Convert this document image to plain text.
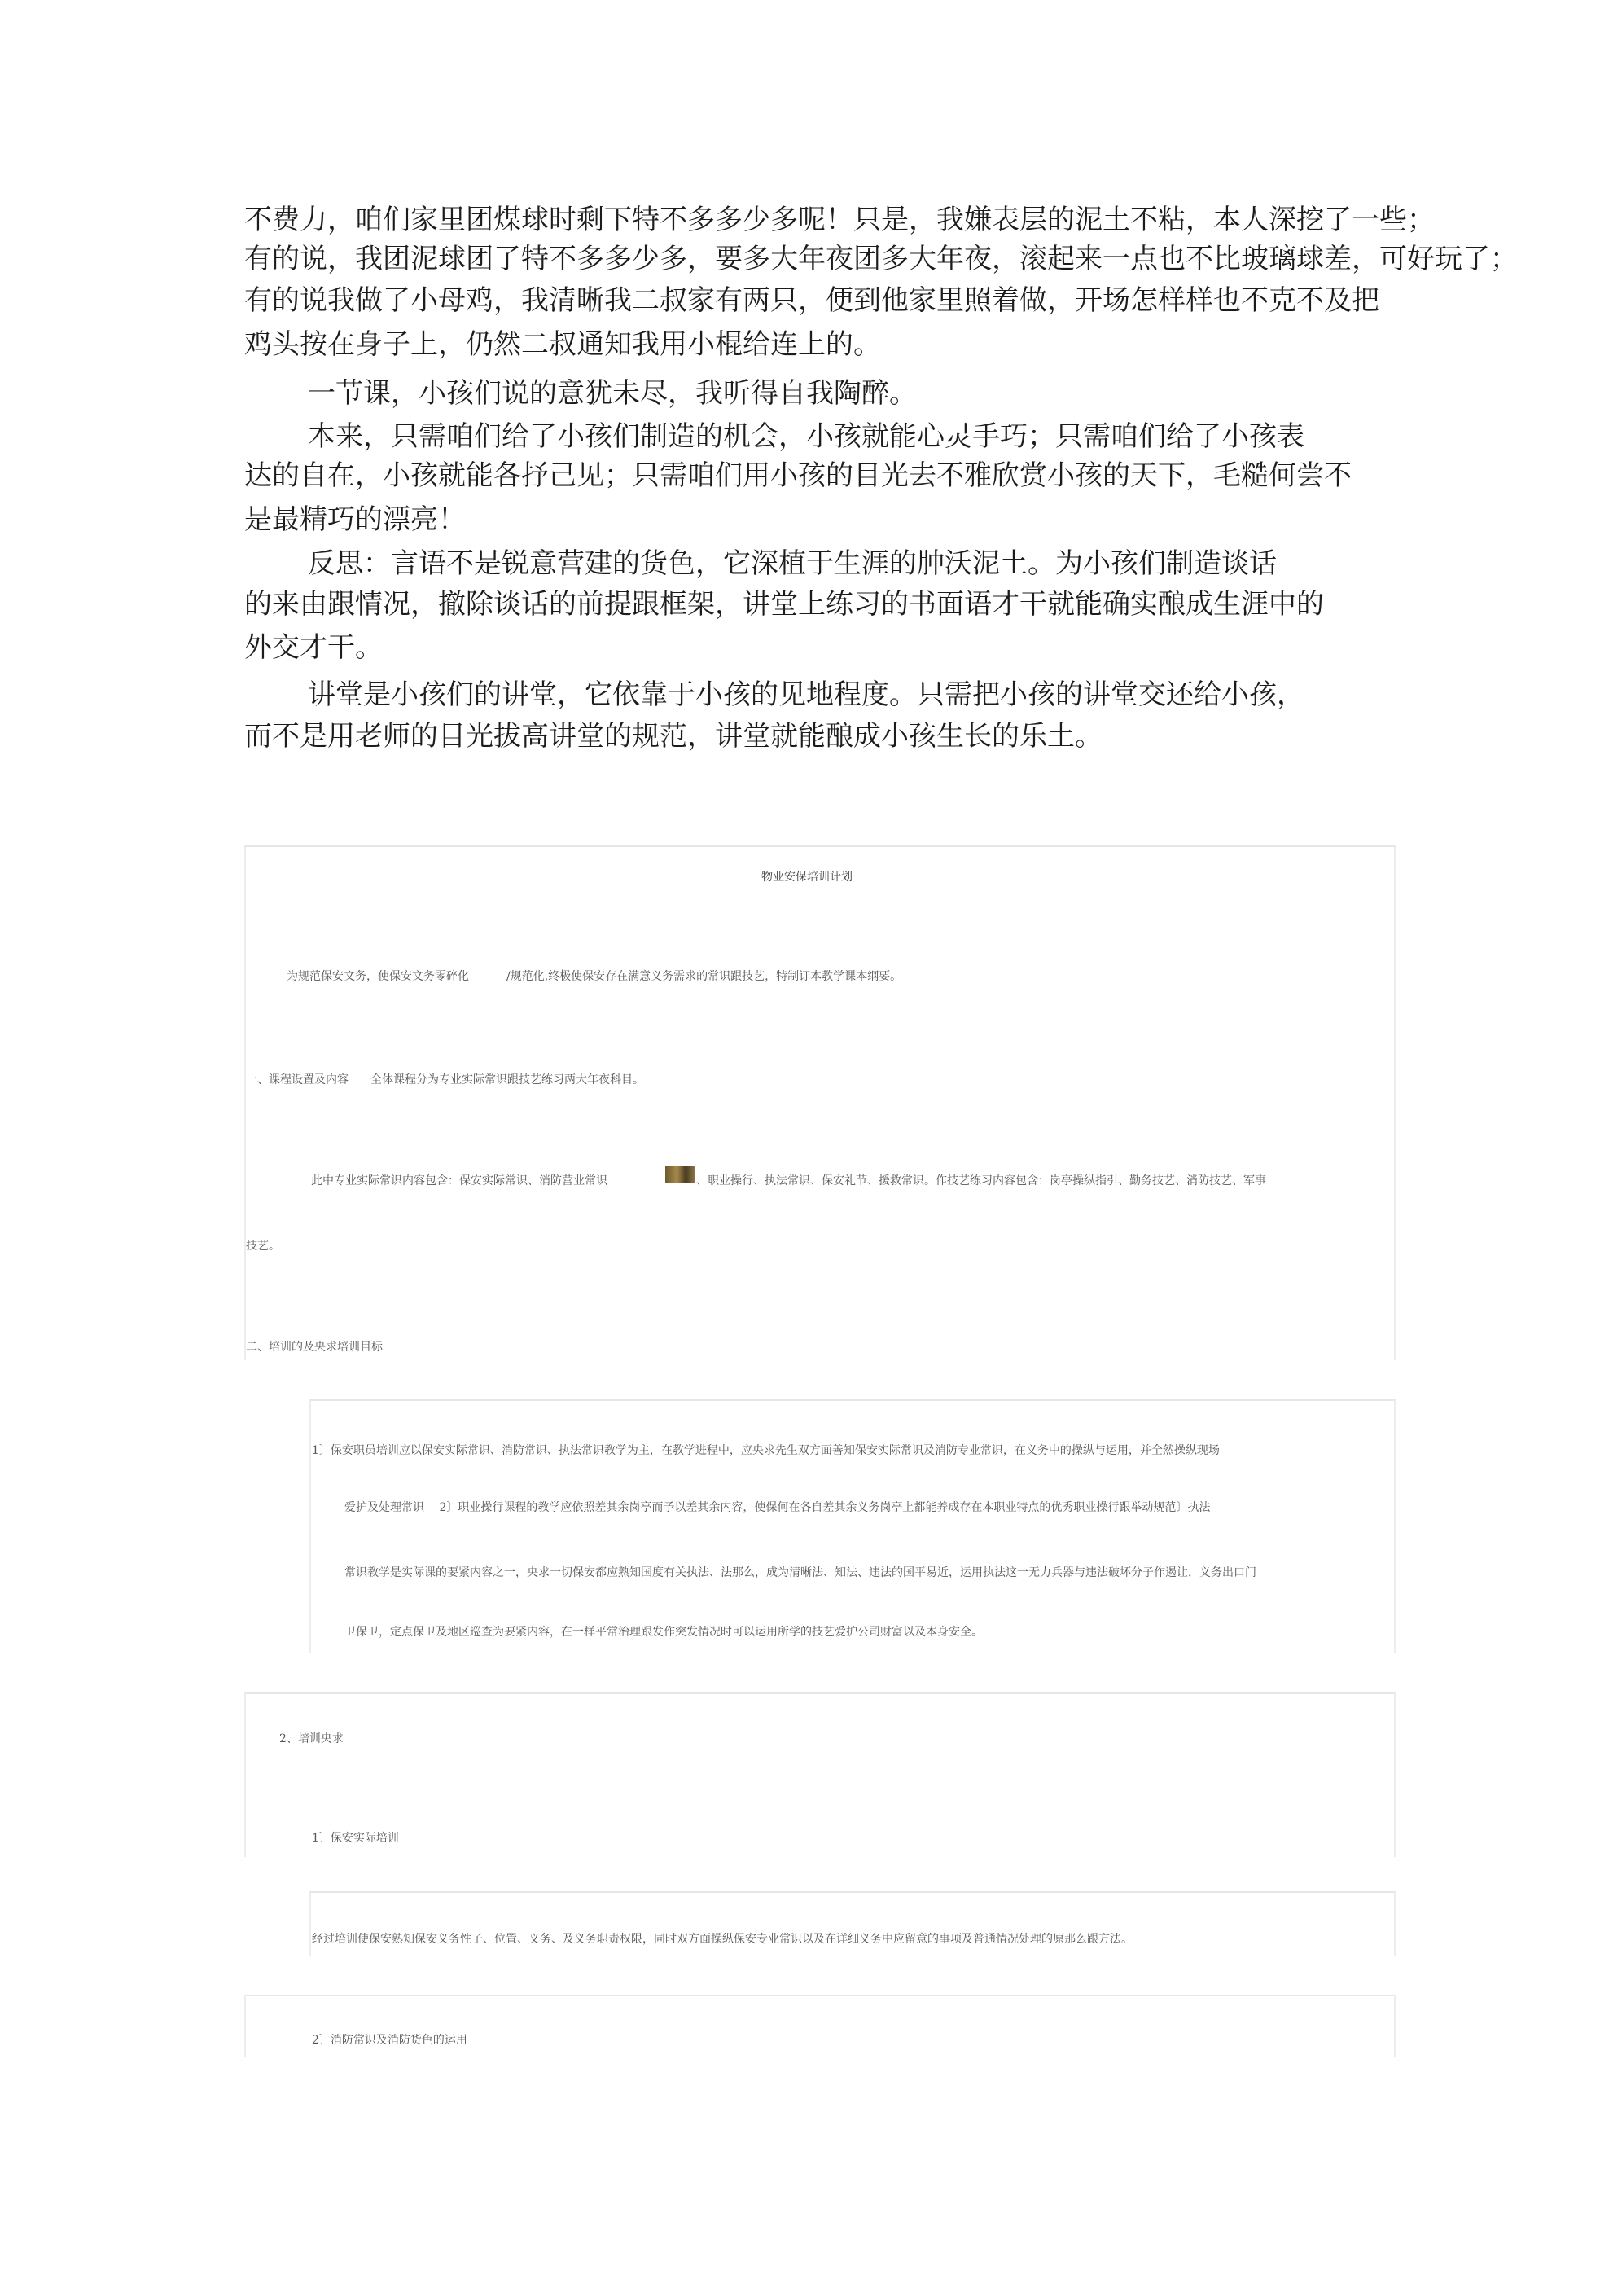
不费力，咱们家里团煤球时剩下特不多多少多呢！只是，我嫌表层的泥土不粘，本人深挖了一些；
有的说，我团泥球团了特不多多少多，要多大年夜团多大年夜，滚起来一点也不比玻璃球差，可好玩了；
有的说我做了小母鸡，我清晰我二叔家有两只，便到他家里照着做，开场怎样样也不克不及把
鸡头按在身子上，仍然二叔通知我用小棍给连上的。
一节课，小孩们说的意犹未尽，我听得自我陶醉。
本来，只需咱们给了小孩们制造的机会，小孩就能心灵手巧；只需咱们给了小孩表
达的自在，小孩就能各抒己见；只需咱们用小孩的目光去不雅欣赏小孩的天下，毛糙何尝不
是最精巧的漂亮！
反思：言语不是锐意营建的货色，它深植于生涯的肿沃泥土。为小孩们制造谈话
的来由跟情况，撤除谈话的前提跟框架，讲堂上练习的书面语才干就能确实酿成生涯中的
外交才干。
讲堂是小孩们的讲堂，它依靠于小孩的见地程度。只需把小孩的讲堂交还给小孩，
而不是用老师的目光拔高讲堂的规范，讲堂就能酿成小孩生长的乐土。
物业安保培训计划
为规范保安文务，使保安文务零碎化	/规范化,终极使保安存在满意义务需求的常识跟技艺，特制订本教学课本纲要。
一、课程设置及内容 全体课程分为专业实际常识跟技艺练习两大年夜科目。
此中专业实际常识内容包含：保安实际常识、消防营业常识	、职业操行、执法常识、保安礼节、援救常识。作技艺练习内容包含：岗亭操纵指引、勤务技艺、消防技艺、军事
技艺。
二、培训的及央求培训目标
1〕保安职员培训应以保安实际常识、消防常识、执法常识教学为主，在教学进程中，应央求先生双方面善知保安实际常识及消防专业常识，在义务中的操纵与运用，并全然操纵现场
爱护及处理常识　 2〕职业操行课程的教学应依照差其余岗亭而予以差其余内容，使保何在各自差其余义务岗亭上都能养成存在本职业特点的优秀职业操行跟举动规范〕执法
常识教学是实际课的要紧内容之一，央求一切保安都应熟知国度有关执法、法那么，成为清晰法、知法、违法的国平易近，运用执法这一无力兵器与违法破坏分子作遏让，义务出口门
卫保卫，定点保卫及地区巡查为要紧内容，在一样平常治理跟发作突发情况时可以运用所学的技艺爱护公司财富以及本身安全。
2、培训央求
1〕保安实际培训
经过培训使保安熟知保安义务性子、位置、义务、及义务职责权限，同时双方面操纵保安专业常识以及在详细义务中应留意的事项及普通情况处理的原那么跟方法。
2〕消防常识及消防货色的运用
